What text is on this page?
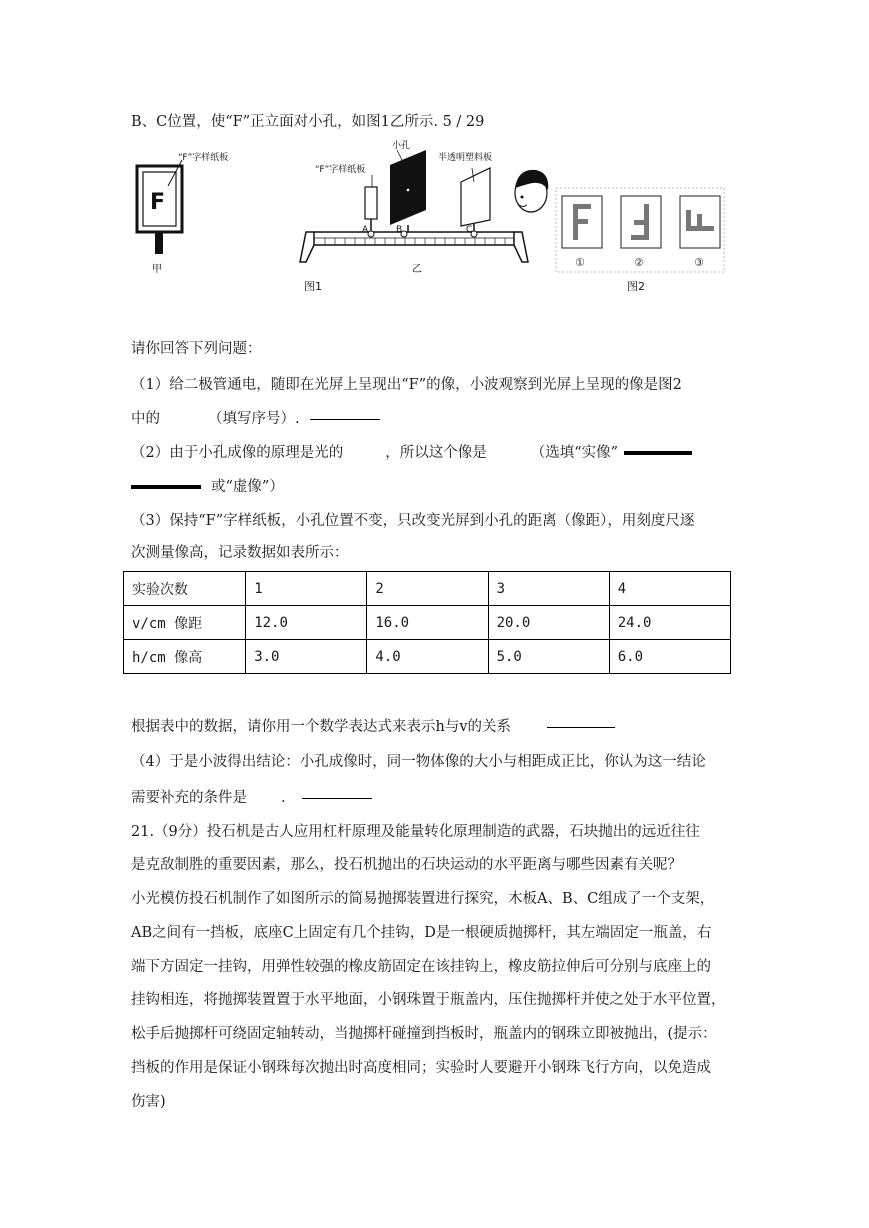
B、C位置，使“F”正立面对小孔，如图1乙所示. 5 / 29
F
“F”字样纸板
甲
A
“F”字样纸板
B
小孔
C
半透明塑料板
乙
图1
①	②	③
图2
请你回答下列问题：
（1）给二极管通电，随即在光屏上呈现出“F”的像，小波观察到光屏上呈现的像是图2
中的	（填写序号）.
（2）由于小孔成像的原理是光的	，所以这个像是	（选填“实像”
或“虚像”）
（3）保持“F”字样纸板，小孔位置不变，只改变光屏到小孔的距离（像距），用刻度尺逐
次测量像高，记录数据如表所示：
实验次数	1	2	3	4
v/cm 像距	12.0	16.0	20.0	24.0
h/cm 像高	3.0	4.0	5.0	6.0
根据表中的数据，请你用一个数学表达式来表示h与v的关系
（4）于是小波得出结论：小孔成像时，同一物体像的大小与相距成正比，你认为这一结论
需要补充的条件是 .
21.（9分）投石机是古人应用杠杆原理及能量转化原理制造的武器，石块抛出的远近往往
是克敌制胜的重要因素，那么，投石机抛出的石块运动的水平距离与哪些因素有关呢？
小光模仿投石机制作了如图所示的简易抛掷装置进行探究，木板A、B、C组成了一个支架，
AB之间有一挡板，底座C上固定有几个挂钩，D是一根硬质抛掷杆，其左端固定一瓶盖，右
端下方固定一挂钩，用弹性较强的橡皮筋固定在该挂钩上，橡皮筋拉伸后可分别与底座上的
挂钩相连，将抛掷装置置于水平地面，小钢珠置于瓶盖内，压住抛掷杆并使之处于水平位置，
松手后抛掷杆可绕固定轴转动，当抛掷杆碰撞到挡板时，瓶盖内的钢珠立即被抛出，(提示：
挡板的作用是保证小钢珠每次抛出时高度相同；实验时人要避开小钢珠飞行方向，以免造成
伤害)
